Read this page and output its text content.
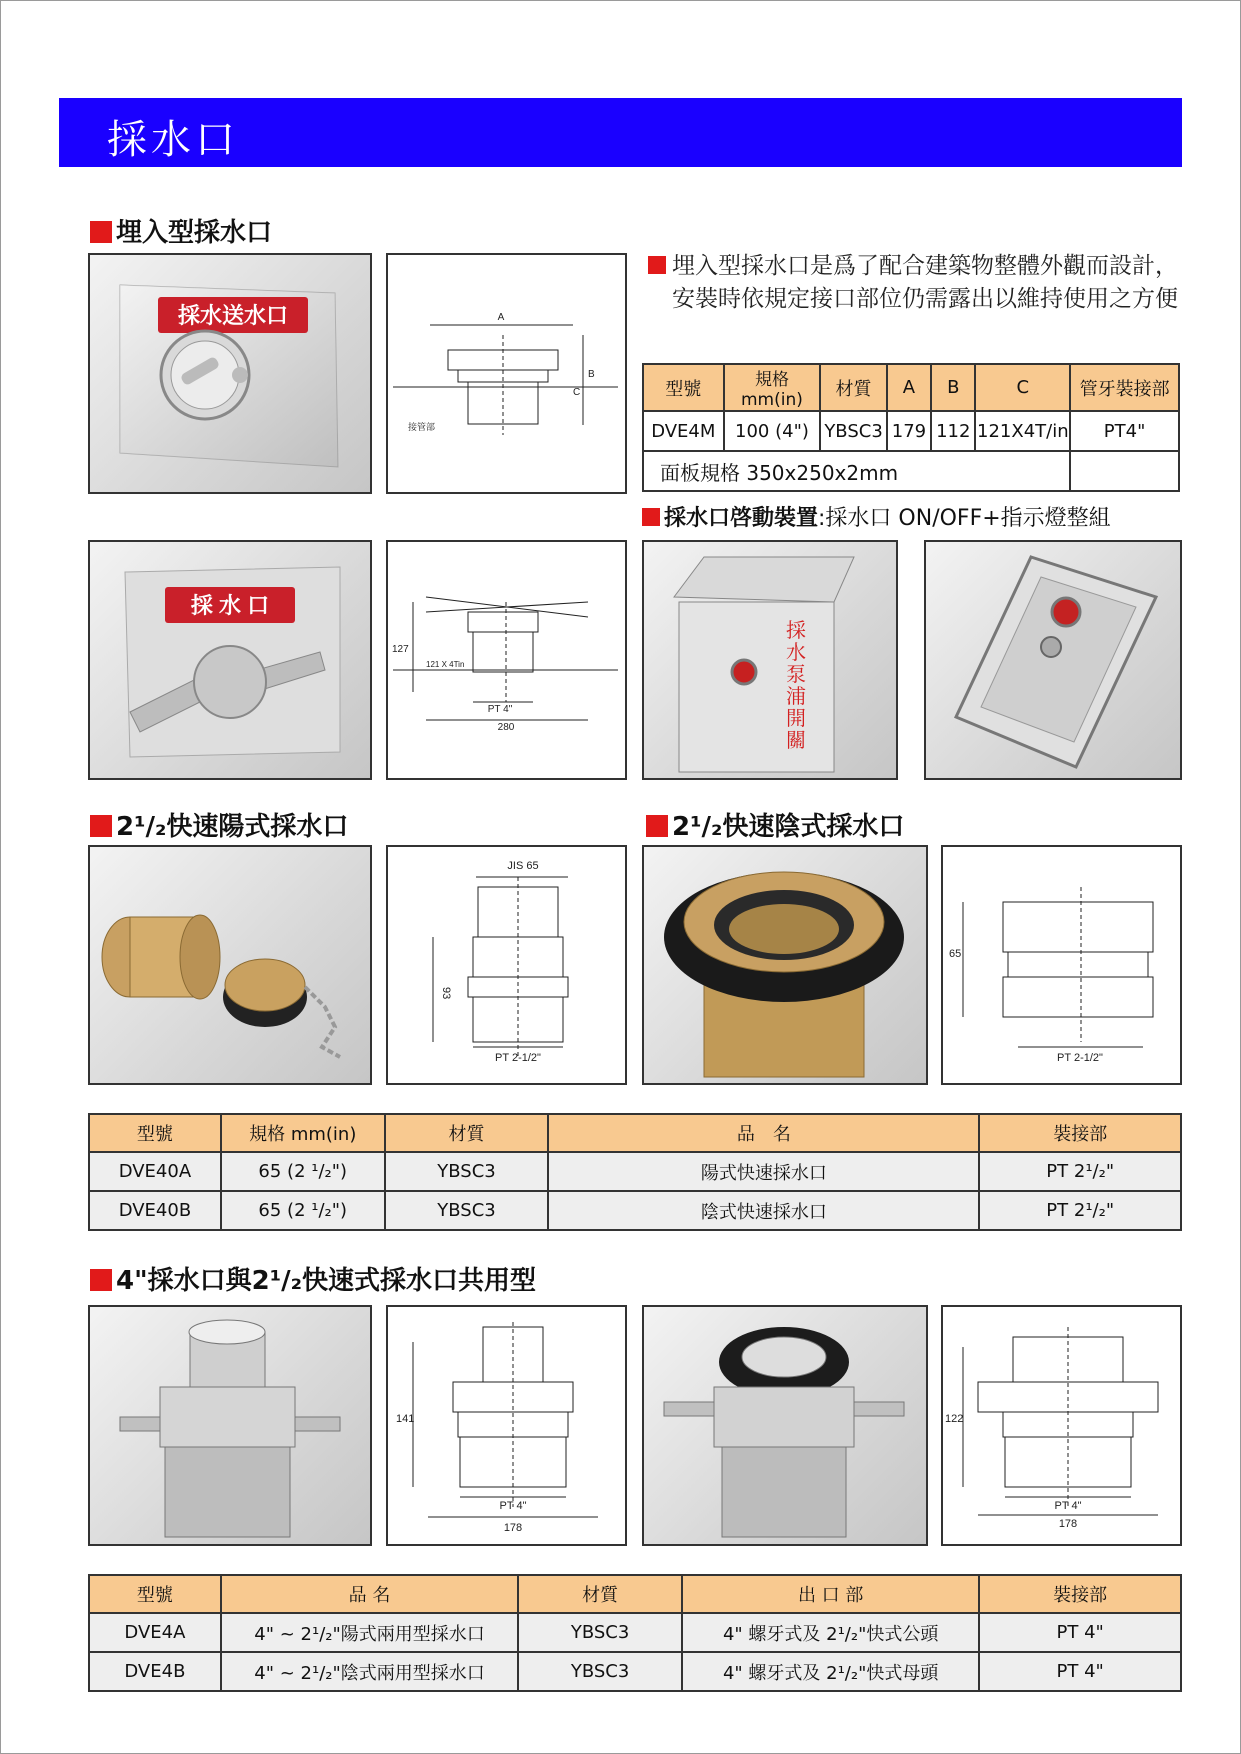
採水口
埋入型採水口
採水送水口	A
B
C
接管部
埋入型採水口是爲了配合建築物整體外觀而設計，安裝時依規定接口部位仍需露出以維持使用之方便
型號	規格 mm(in)	材質	A	B	C	管牙裝接部
DVE4M	100 (4")	YBSC3	179	112	121X4T/in	PT4"
面板規格 350x250x2mm						
採水口啓動裝置:採水口 ON/OFF+指示燈整組
採 水 口
127
121 X 4Tin
PT 4"
280
採
水
泵
浦
開
關
2¹/₂快速陽式採水口	2¹/₂快速陰式採水口
JIS 65
93
PT 2-1/2"
65
PT 2-1/2"
型號	規格 mm(in)	材質	品　名	裝接部
DVE40A	65 (2 ¹/₂")	YBSC3	陽式快速採水口	PT 2¹/₂"
DVE40B	65 (2 ¹/₂")	YBSC3	陰式快速採水口	PT 2¹/₂"
4"採水口與2¹/₂快速式採水口共用型
141
PT 4"
178
122
PT 4"
178
型號	品 名	材質	出 口 部	裝接部
DVE4A	4" ~ 2¹/₂"陽式兩用型採水口	YBSC3	4" 螺牙式及 2¹/₂"快式公頭	PT 4"
DVE4B	4" ~ 2¹/₂"陰式兩用型採水口	YBSC3	4" 螺牙式及 2¹/₂"快式母頭	PT 4"
